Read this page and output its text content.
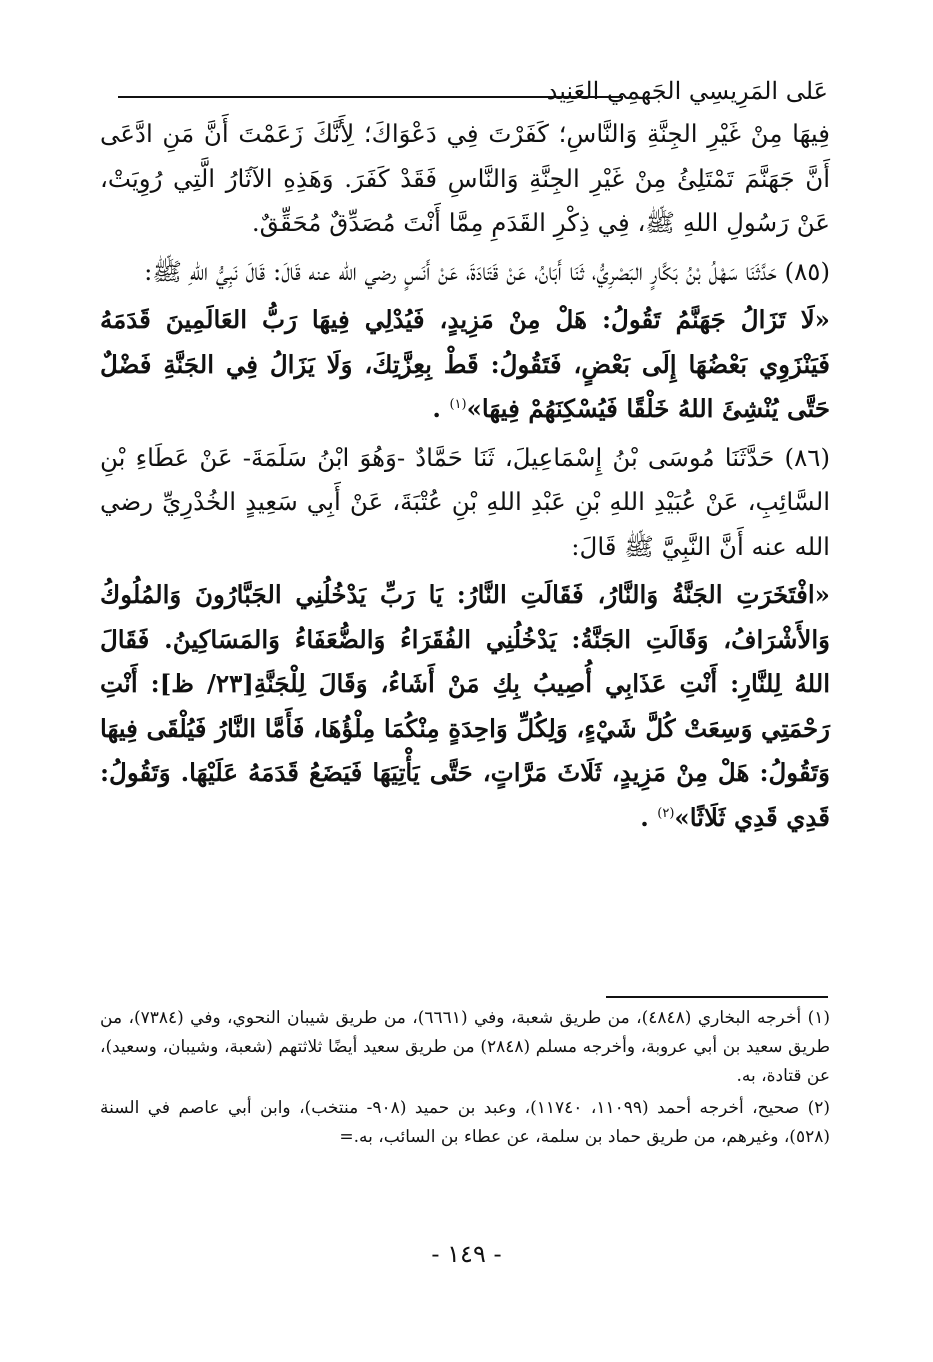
عَلى المَرِيسِي الجَهمِي العَنِيد

فِيهَا مِنْ غَيْرِ الجِنَّةِ وَالنَّاسِ؛ كَفَرْتَ فِي دَعْوَاكَ؛ لِأَنَّكَ زَعَمْتَ أَنَّ مَنِ ادَّعَى أَنَّ جَهَنَّمَ تَمْتَلِئُ مِنْ غَيْرِ الجِنَّةِ وَالنَّاسِ فَقَدْ كَفَرَ. وَهَذِهِ الآثَارُ الَّتِي رُوِيَتْ، عَنْ رَسُولِ اللهِ ﷺ، فِي ذِكْرِ القَدَمِ مِمَّا أَنْتَ مُصَدِّقٌ مُحَقِّقٌ.

(٨٥) حَدَّثَنَا سَهْلُ بْنُ بَكَّارٍ البَصْرِيُّ، ثَنَا أَبَانُ، عَنْ قَتَادَةَ، عَنْ أَنَسٍ رضي الله عنه قَالَ: قَالَ نَبِيُّ اللهِ ﷺ:

«لَا تَزَالُ جَهَنَّمُ تَقُولُ: هَلْ مِنْ مَزِيدٍ، فَيُدْلِي فِيهَا رَبُّ العَالَمِينَ قَدَمَهُ فَيَنْزَوِي بَعْضُهَا إِلَى بَعْضٍ، فَتَقُولُ: قَطْ بِعِزَّتِكَ، وَلَا يَزَالُ فِي الجَنَّةِ فَضْلٌ حَتَّى يُنْشِئَ اللهُ خَلْقًا فَيُسْكِنَهُمْ فِيهَا»$^{(١)}$ .

(٨٦) حَدَّثَنَا مُوسَى بْنُ إِسْمَاعِيلَ، ثَنَا حَمَّادٌ -وَهُوَ ابْنُ سَلَمَةَ- عَنْ عَطَاءِ بْنِ السَّائِبِ، عَنْ عُبَيْدِ اللهِ بْنِ عَبْدِ اللهِ بْنِ عُتْبَةَ، عَنْ أَبِي سَعِيدٍ الخُدْرِيِّ رضي الله عنه أَنَّ النَّبِيَّ ﷺ قَالَ:

«افْتَخَرَتِ الجَنَّةُ وَالنَّارُ، فَقَالَتِ النَّارُ: يَا رَبِّ يَدْخُلُنِي الجَبَّارُونَ وَالمُلُوكُ وَالأَشْرَافُ، وَقَالَتِ الجَنَّةُ: يَدْخُلُنِي الفُقَرَاءُ وَالضُّعَفَاءُ وَالمَسَاكِينُ. فَقَالَ اللهُ لِلنَّارِ: أَنْتِ عَذَابِي أُصِيبُ بِكِ مَنْ أَشَاءُ، وَقَالَ لِلْجَنَّةِ[٢٣/ ظ]: أَنْتِ رَحْمَتِي وَسِعَتْ كُلَّ شَيْءٍ، وَلِكُلِّ وَاحِدَةٍ مِنْكُمَا مِلْؤُهَا، فَأَمَّا النَّارُ فَيُلْقَى فِيهَا وَتَقُولُ: هَلْ مِنْ مَزِيدٍ، ثَلَاثَ مَرَّاتٍ، حَتَّى يَأْتِيَهَا فَيَضَعُ قَدَمَهُ عَلَيْهَا. وَتَقُولُ: قَدِي قَدِي ثَلَاثًا»$^{(٢)}$ .

(١) أخرجه البخاري (٤٨٤٨)، من طريق شعبة، وفي (٦٦٦١)، من طريق شيبان النحوي، وفي (٧٣٨٤)، من طريق سعيد بن أبي عروبة، وأخرجه مسلم (٢٨٤٨) من طريق سعيد أيضًا ثلاثتهم (شعبة، وشيبان، وسعيد)، عن قتادة، به.

(٢) صحيح، أخرجه أحمد (١١٠٩٩، ١١٧٤٠)، وعبد بن حميد (٩٠٨- منتخب)، وابن أبي عاصم في السنة (٥٢٨)، وغيرهم، من طريق حماد بن سلمة، عن عطاء بن السائب، به.=

- ١٤٩ -
